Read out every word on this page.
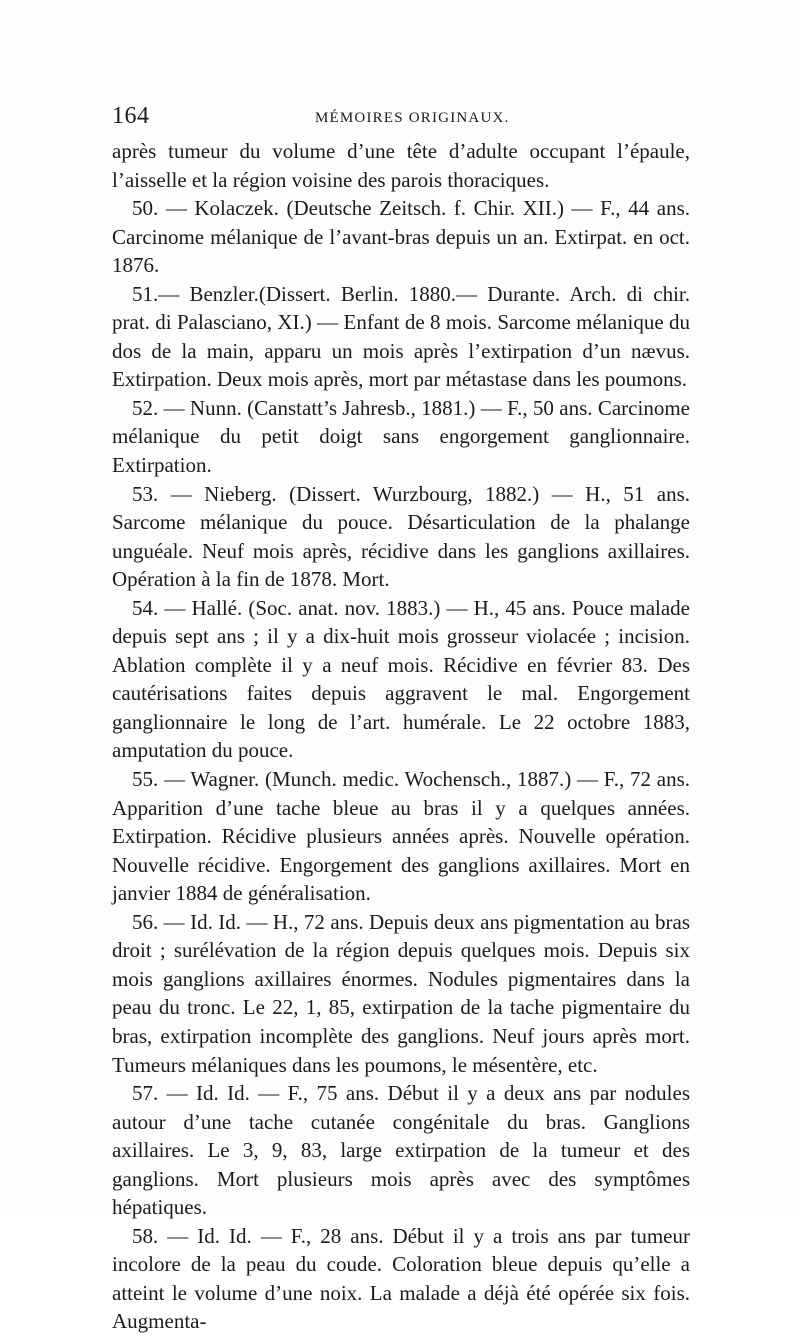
164	MÉMOIRES ORIGINAUX.

après tumeur du volume d’une tête d’adulte occupant l’épaule, l’aisselle et la région voisine des parois thoraciques.

50. — Kolaczek. (Deutsche Zeitsch. f. Chir. XII.) — F., 44 ans. Carcinome mélanique de l’avant-bras depuis un an. Extirpat. en oct. 1876.

51.— Benzler.(Dissert. Berlin. 1880.— Durante. Arch. di chir. prat. di Palasciano, XI.) — Enfant de 8 mois. Sarcome mélanique du dos de la main, apparu un mois après l’extirpation d’un nævus. Extirpation. Deux mois après, mort par métastase dans les poumons.

52. — Nunn. (Canstatt’s Jahresb., 1881.) — F., 50 ans. Carcinome mélanique du petit doigt sans engorgement ganglionnaire. Extirpation.

53. — Nieberg. (Dissert. Wurzbourg, 1882.) — H., 51 ans. Sarcome mélanique du pouce. Désarticulation de la phalange unguéale. Neuf mois après, récidive dans les ganglions axillaires. Opération à la fin de 1878. Mort.

54. — Hallé. (Soc. anat. nov. 1883.) — H., 45 ans. Pouce malade depuis sept ans ; il y a dix-huit mois grosseur violacée ; incision. Ablation complète il y a neuf mois. Récidive en février 83. Des cautérisations faites depuis aggravent le mal. Engorgement ganglionnaire le long de l’art. humérale. Le 22 octobre 1883, amputation du pouce.

55. — Wagner. (Munch. medic. Wochensch., 1887.) — F., 72 ans. Apparition d’une tache bleue au bras il y a quelques années. Extirpation. Récidive plusieurs années après. Nouvelle opération. Nouvelle récidive. Engorgement des ganglions axillaires. Mort en janvier 1884 de généralisation.

56. — Id. Id. — H., 72 ans. Depuis deux ans pigmentation au bras droit ; surélévation de la région depuis quelques mois. Depuis six mois ganglions axillaires énormes. Nodules pigmentaires dans la peau du tronc. Le 22, 1, 85, extirpation de la tache pigmentaire du bras, extirpation incomplète des ganglions. Neuf jours après mort. Tumeurs mélaniques dans les poumons, le mésentère, etc.

57. — Id. Id. — F., 75 ans. Début il y a deux ans par nodules autour d’une tache cutanée congénitale du bras. Ganglions axillaires. Le 3, 9, 83, large extirpation de la tumeur et des ganglions. Mort plusieurs mois après avec des symptômes hépatiques.

58. — Id. Id. — F., 28 ans. Début il y a trois ans par tumeur incolore de la peau du coude. Coloration bleue depuis qu’elle a atteint le volume d’une noix. La malade a déjà été opérée six fois. Augmenta-
